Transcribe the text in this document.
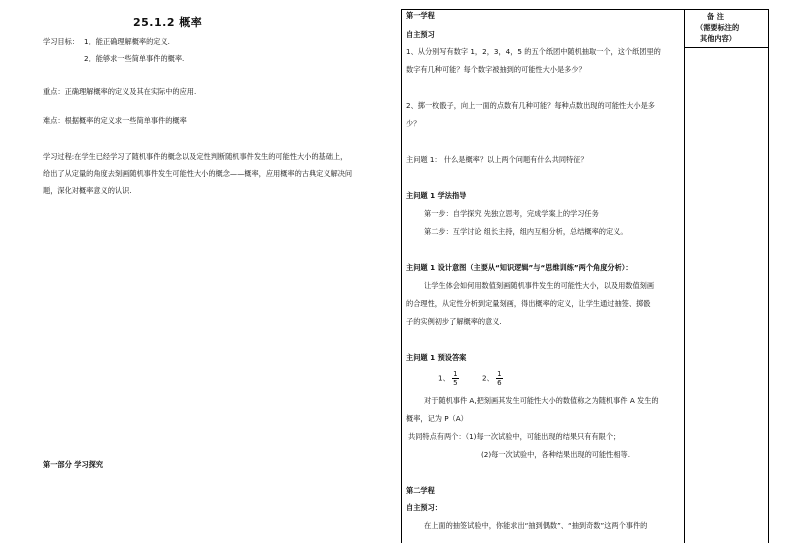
25.1.2 概率
学习目标： 1．能正确理解概率的定义.
2．能够求一些简单事件的概率.
重点：正确理解概率的定义及其在实际中的应用.
难点：根据概率的定义求一些简单事件的概率
学习过程:在学生已经学习了随机事件的概念以及定性判断随机事件发生的可能性大小的基础上，
给出了从定量的角度去刻画随机事件发生可能性大小的概念——概率，应用概率的古典定义解决问
题，深化对概率意义的认识.
第一部分 学习探究
备 注
（需要标注的
其他内容）
第一学程
自主预习
1、从分别写有数字 1，2，3，4，5 的五个纸团中随机抽取一个，这个纸团里的
数字有几种可能？每个数字被抽到的可能性大小是多少？
2、掷一枚骰子，向上一面的点数有几种可能？每种点数出现的可能性大小是多
少？
主问题 1： 什么是概率？以上两个问题有什么共同特征？
主问题 1 学法指导
第一步：自学探究 先独立思考，完成学案上的学习任务
第二步：互学讨论 组长主持，组内互相分析，总结概率的定义。
主问题 1 设计意图（主要从“知识逻辑”与“思维训练”两个角度分析）：
让学生体会如何用数值刻画随机事件发生的可能性大小，以及用数值刻画
的合理性，从定性分析到定量刻画，得出概率的定义，让学生通过抽签、掷骰
子的实例初步了解概率的意义.
主问题 1 预设答案
1、 $\frac{1}{5}$	2、 $\frac{1}{6}$
对于随机事件 A,把刻画其发生可能性大小的数值称之为随机事件 A 发生的
概率，记为 P（A）
共同特点有两个：（1)每一次试验中，可能出现的结果只有有限个；
(2)每一次试验中，各种结果出现的可能性相等.
第二学程
自主预习：
在上面的抽签试验中，你能求出“抽到偶数”、“抽到奇数”这两个事件的
